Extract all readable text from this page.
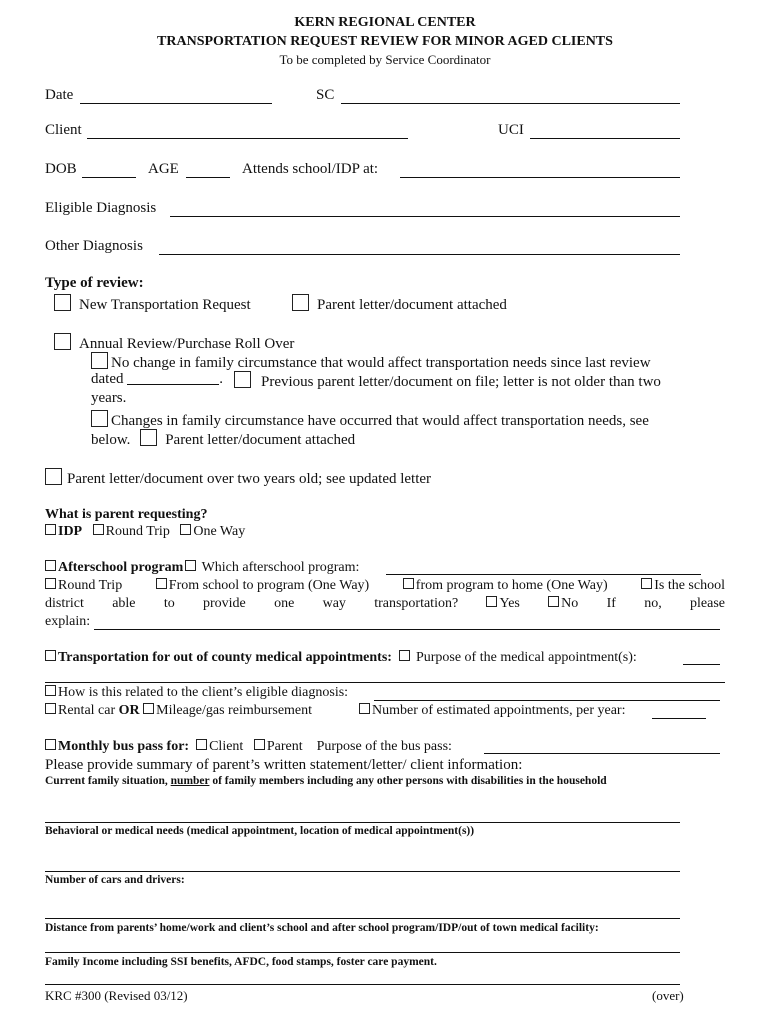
KERN REGIONAL CENTER
TRANSPORTATION REQUEST REVIEW FOR MINOR AGED CLIENTS
To be completed by Service Coordinator
Date	SC
Client	UCI
DOB	AGE	Attends school/IDP at:
Eligible Diagnosis
Other Diagnosis
Type of review:
New Transportation Request	Parent letter/document attached
Annual Review/Purchase Roll Over
No change in family circumstance that would affect transportation needs since last review
dated	.	Previous parent letter/document on file; letter is not older than two
years.
Changes in family circumstance have occurred that would affect transportation needs, see
below. Parent letter/document attached
Parent letter/document over two years old; see updated letter
What is parent requesting?
IDP Round Trip One Way
Afterschool program Which afterschool program:
Round Trip	From school to program (One Way)	from program to home (One Way)	Is the school
district able to provide one way transportation?	Yes	No If no, please
explain:
Transportation for out of county medical appointments: Purpose of the medical appointment(s):
How is this related to the client’s eligible diagnosis:
Rental car OR Mileage/gas reimbursement	Number of estimated appointments, per year:
Monthly bus pass for: Client Parent Purpose of the bus pass:
Please provide summary of parent’s written statement/letter/ client information:
Current family situation, number of family members including any other persons with disabilities in the household
Behavioral or medical needs (medical appointment, location of medical appointment(s))
Number of cars and drivers:
Distance from parents’ home/work and client’s school and after school program/IDP/out of town medical facility:
Family Income including SSI benefits, AFDC, food stamps, foster care payment.
KRC #300 (Revised 03/12)	(over)
